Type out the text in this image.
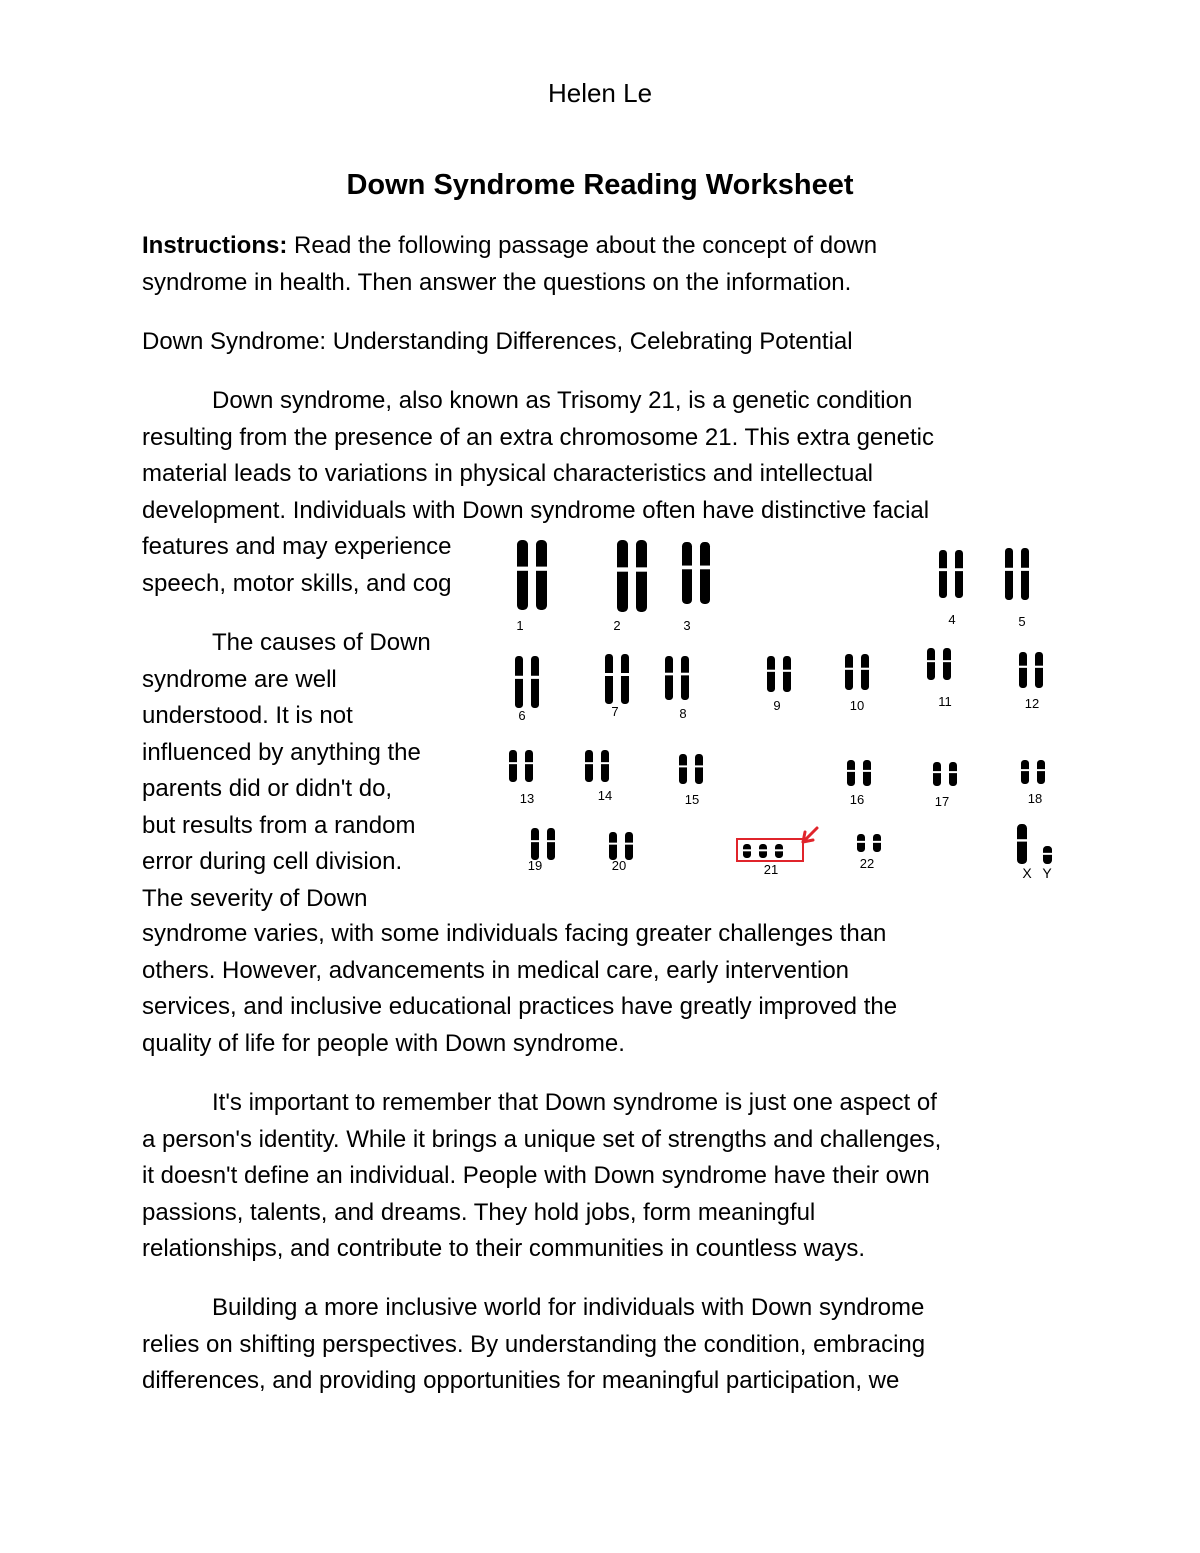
Helen Le
Down Syndrome Reading Worksheet
Instructions: Read the following passage about the concept of down
syndrome in health. Then answer the questions on the information.
Down Syndrome: Understanding Differences, Celebrating Potential
Down syndrome, also known as Trisomy 21, is a genetic condition
resulting from the presence of an extra chromosome 21. This extra genetic
material leads to variations in physical characteristics and intellectual
development. Individuals with Down syndrome often have distinctive facial
features and may experience
speech, motor skills, and cog
The causes of Down
syndrome are well
understood. It is not
influenced by anything the
parents did or didn't do,
but results from a random
error during cell division.
The severity of Down
syndrome varies, with some individuals facing greater challenges than
others. However, advancements in medical care, early intervention
services, and inclusive educational practices have greatly improved the
quality of life for people with Down syndrome.
It's important to remember that Down syndrome is just one aspect of
a person's identity. While it brings a unique set of strengths and challenges,
it doesn't define an individual. People with Down syndrome have their own
passions, talents, and dreams. They hold jobs, form meaningful
relationships, and contribute to their communities in countless ways.
Building a more inclusive world for individuals with Down syndrome
relies on shifting perspectives. By understanding the condition, embracing
differences, and providing opportunities for meaningful participation, we
1	2	3	4	5
6	7	8
9	10	11	12
13	14	15	16	17	18
19	20	21	22
X Y
